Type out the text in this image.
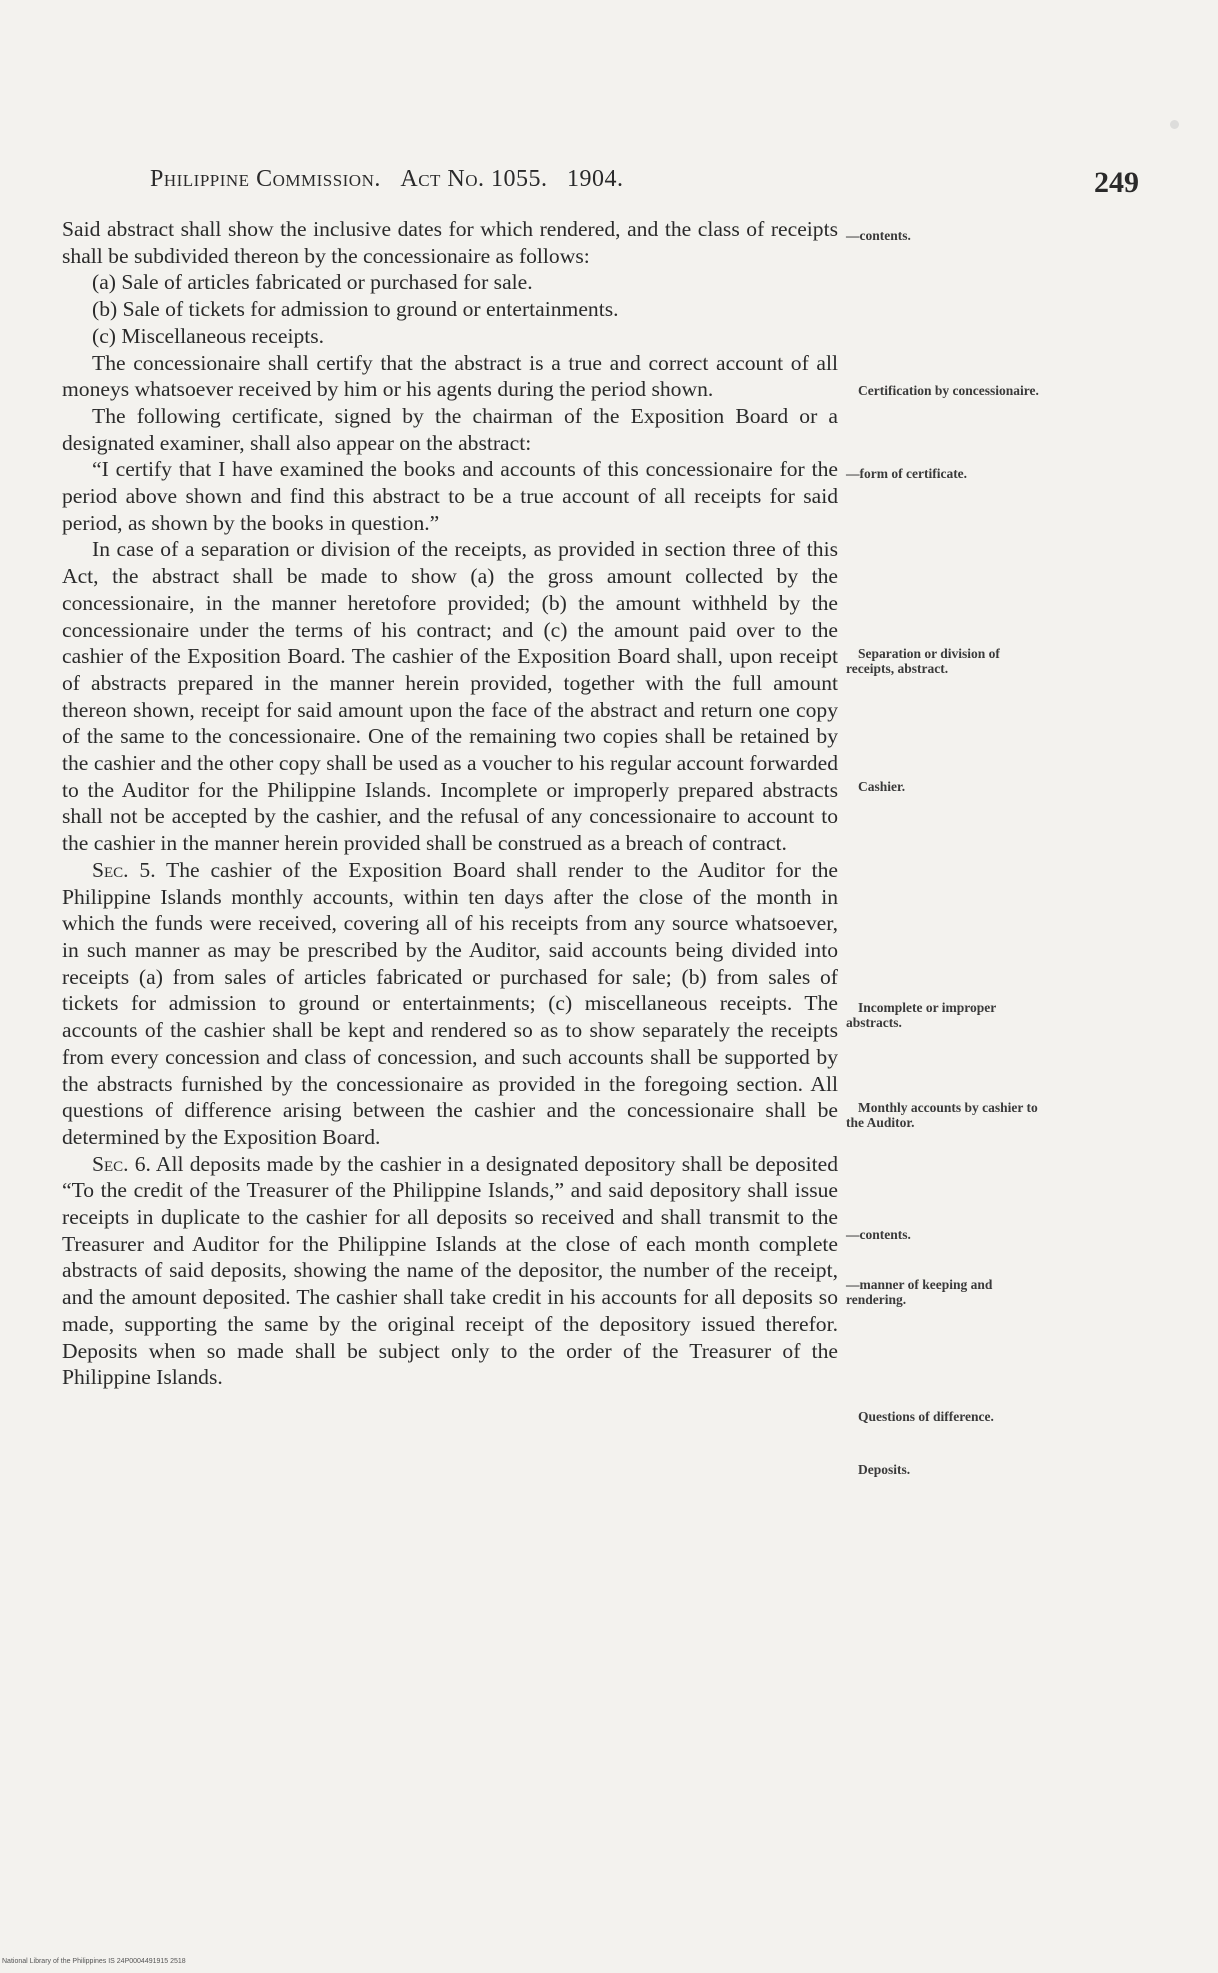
Philippine Commission. Act No. 1055. 1904.	249

Said abstract shall show the inclusive dates for which rendered, and the class of receipts shall be subdivided thereon by the concessionaire as follows:

(a) Sale of articles fabricated or purchased for sale.

(b) Sale of tickets for admission to ground or entertainments.

(c) Miscellaneous receipts.

The concessionaire shall certify that the abstract is a true and correct account of all moneys whatsoever received by him or his agents during the period shown.

The following certificate, signed by the chairman of the Exposition Board or a designated examiner, shall also appear on the abstract:

“I certify that I have examined the books and accounts of this concessionaire for the period above shown and find this abstract to be a true account of all receipts for said period, as shown by the books in question.”

In case of a separation or division of the receipts, as provided in section three of this Act, the abstract shall be made to show (a) the gross amount collected by the concessionaire, in the manner heretofore provided; (b) the amount withheld by the concessionaire under the terms of his contract; and (c) the amount paid over to the cashier of the Exposition Board. The cashier of the Exposition Board shall, upon receipt of abstracts prepared in the manner herein provided, together with the full amount thereon shown, receipt for said amount upon the face of the abstract and return one copy of the same to the concessionaire. One of the remaining two copies shall be retained by the cashier and the other copy shall be used as a voucher to his regular account forwarded to the Auditor for the Philippine Islands. Incomplete or improperly prepared abstracts shall not be accepted by the cashier, and the refusal of any concessionaire to account to the cashier in the manner herein provided shall be construed as a breach of contract.

Sec. 5. The cashier of the Exposition Board shall render to the Auditor for the Philippine Islands monthly accounts, within ten days after the close of the month in which the funds were received, covering all of his receipts from any source whatsoever, in such manner as may be prescribed by the Auditor, said accounts being divided into receipts (a) from sales of articles fabricated or purchased for sale; (b) from sales of tickets for admission to ground or entertainments; (c) miscellaneous receipts. The accounts of the cashier shall be kept and rendered so as to show separately the receipts from every concession and class of concession, and such accounts shall be supported by the abstracts furnished by the concessionaire as provided in the foregoing section. All questions of difference arising between the cashier and the concessionaire shall be determined by the Exposition Board.

Sec. 6. All deposits made by the cashier in a designated depository shall be deposited “To the credit of the Treasurer of the Philippine Islands,” and said depository shall issue receipts in duplicate to the cashier for all deposits so received and shall transmit to the Treasurer and Auditor for the Philippine Islands at the close of each month complete abstracts of said deposits, showing the name of the depositor, the number of the receipt, and the amount deposited. The cashier shall take credit in his accounts for all deposits so made, supporting the same by the original receipt of the depository issued therefor. Deposits when so made shall be subject only to the order of the Treasurer of the Philippine Islands.

—contents.
Certification by concessionaire.
—form of certificate.
Separation or division of receipts, abstract.
Cashier.
Incomplete or improper abstracts.
Monthly accounts by cashier to the Auditor.
—contents.
—manner of keeping and rendering.
Questions of difference.
Deposits.
National Library of the Philippines IS 24P0004491915 2518
